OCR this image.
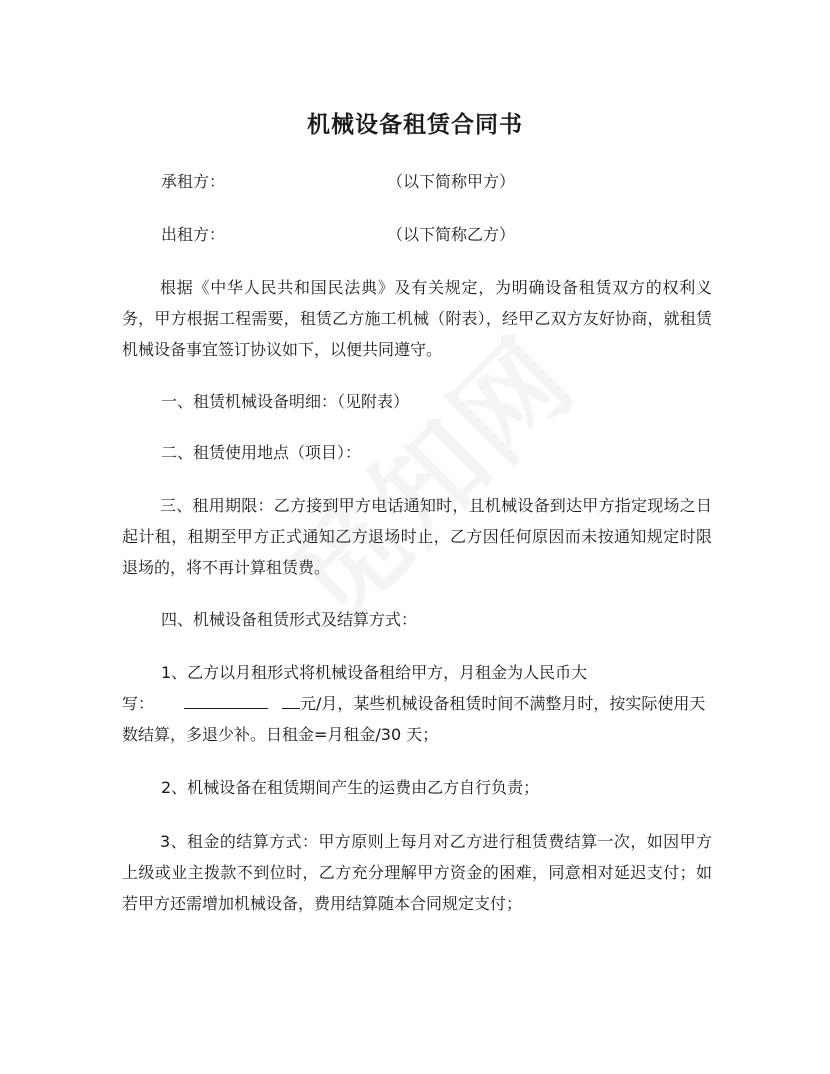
机械设备租赁合同书

承租方：	（以下简称甲方）

出租方：	（以下简称乙方）

根据《中华人民共和国民法典》及有关规定，为明确设备租赁双方的权利义务，甲方根据工程需要，租赁乙方施工机械（附表），经甲乙双方友好协商，就租赁机械设备事宜签订协议如下，以便共同遵守。

一、租赁机械设备明细：（见附表）

二、租赁使用地点（项目）：

三、租用期限：乙方接到甲方电话通知时，且机械设备到达甲方指定现场之日起计租，租期至甲方正式通知乙方退场时止，乙方因任何原因而未按通知规定时限退场的，将不再计算租赁费。

四、机械设备租赁形式及结算方式：

1、乙方以月租形式将机械设备租给甲方，月租金为人民币大

写：	元/月，某些机械设备租赁时间不满整月时，按实际使用天

数结算，多退少补。日租金=月租金/30 天；

2、机械设备在租赁期间产生的运费由乙方自行负责；

3、租金的结算方式：甲方原则上每月对乙方进行租赁费结算一次，如因甲方上级或业主拨款不到位时，乙方充分理解甲方资金的困难，同意相对延迟支付；如若甲方还需增加机械设备，费用结算随本合同规定支付；
